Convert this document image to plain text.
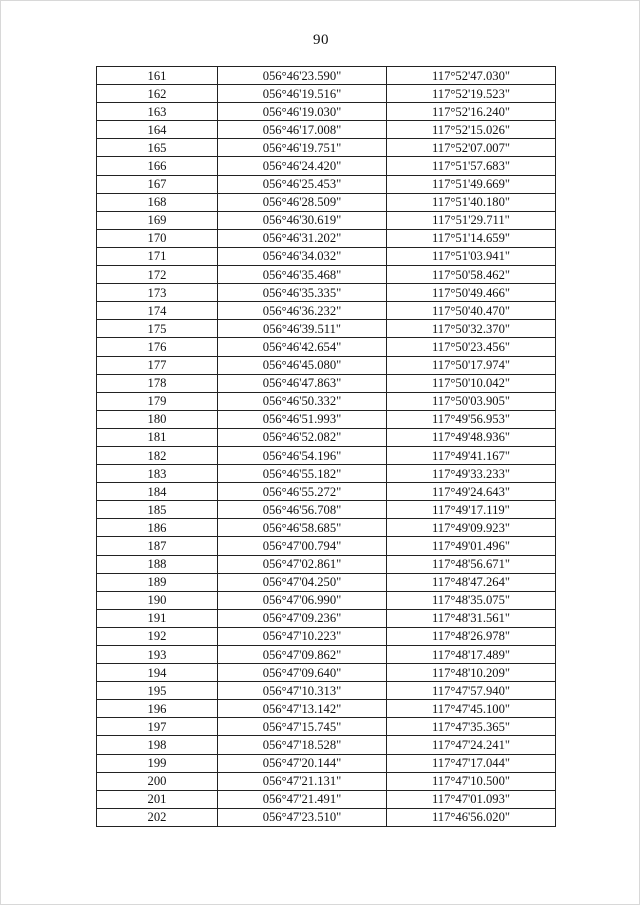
90
161	056°46'23.590"	117°52'47.030"
162	056°46'19.516"	117°52'19.523"
163	056°46'19.030"	117°52'16.240"
164	056°46'17.008"	117°52'15.026"
165	056°46'19.751"	117°52'07.007"
166	056°46'24.420"	117°51'57.683"
167	056°46'25.453"	117°51'49.669"
168	056°46'28.509"	117°51'40.180"
169	056°46'30.619"	117°51'29.711"
170	056°46'31.202"	117°51'14.659"
171	056°46'34.032"	117°51'03.941"
172	056°46'35.468"	117°50'58.462"
173	056°46'35.335"	117°50'49.466"
174	056°46'36.232"	117°50'40.470"
175	056°46'39.511"	117°50'32.370"
176	056°46'42.654"	117°50'23.456"
177	056°46'45.080"	117°50'17.974"
178	056°46'47.863"	117°50'10.042"
179	056°46'50.332"	117°50'03.905"
180	056°46'51.993"	117°49'56.953"
181	056°46'52.082"	117°49'48.936"
182	056°46'54.196"	117°49'41.167"
183	056°46'55.182"	117°49'33.233"
184	056°46'55.272"	117°49'24.643"
185	056°46'56.708"	117°49'17.119"
186	056°46'58.685"	117°49'09.923"
187	056°47'00.794"	117°49'01.496"
188	056°47'02.861"	117°48'56.671"
189	056°47'04.250"	117°48'47.264"
190	056°47'06.990"	117°48'35.075"
191	056°47'09.236"	117°48'31.561"
192	056°47'10.223"	117°48'26.978"
193	056°47'09.862"	117°48'17.489"
194	056°47'09.640"	117°48'10.209"
195	056°47'10.313"	117°47'57.940"
196	056°47'13.142"	117°47'45.100"
197	056°47'15.745"	117°47'35.365"
198	056°47'18.528"	117°47'24.241"
199	056°47'20.144"	117°47'17.044"
200	056°47'21.131"	117°47'10.500"
201	056°47'21.491"	117°47'01.093"
202	056°47'23.510"	117°46'56.020"
